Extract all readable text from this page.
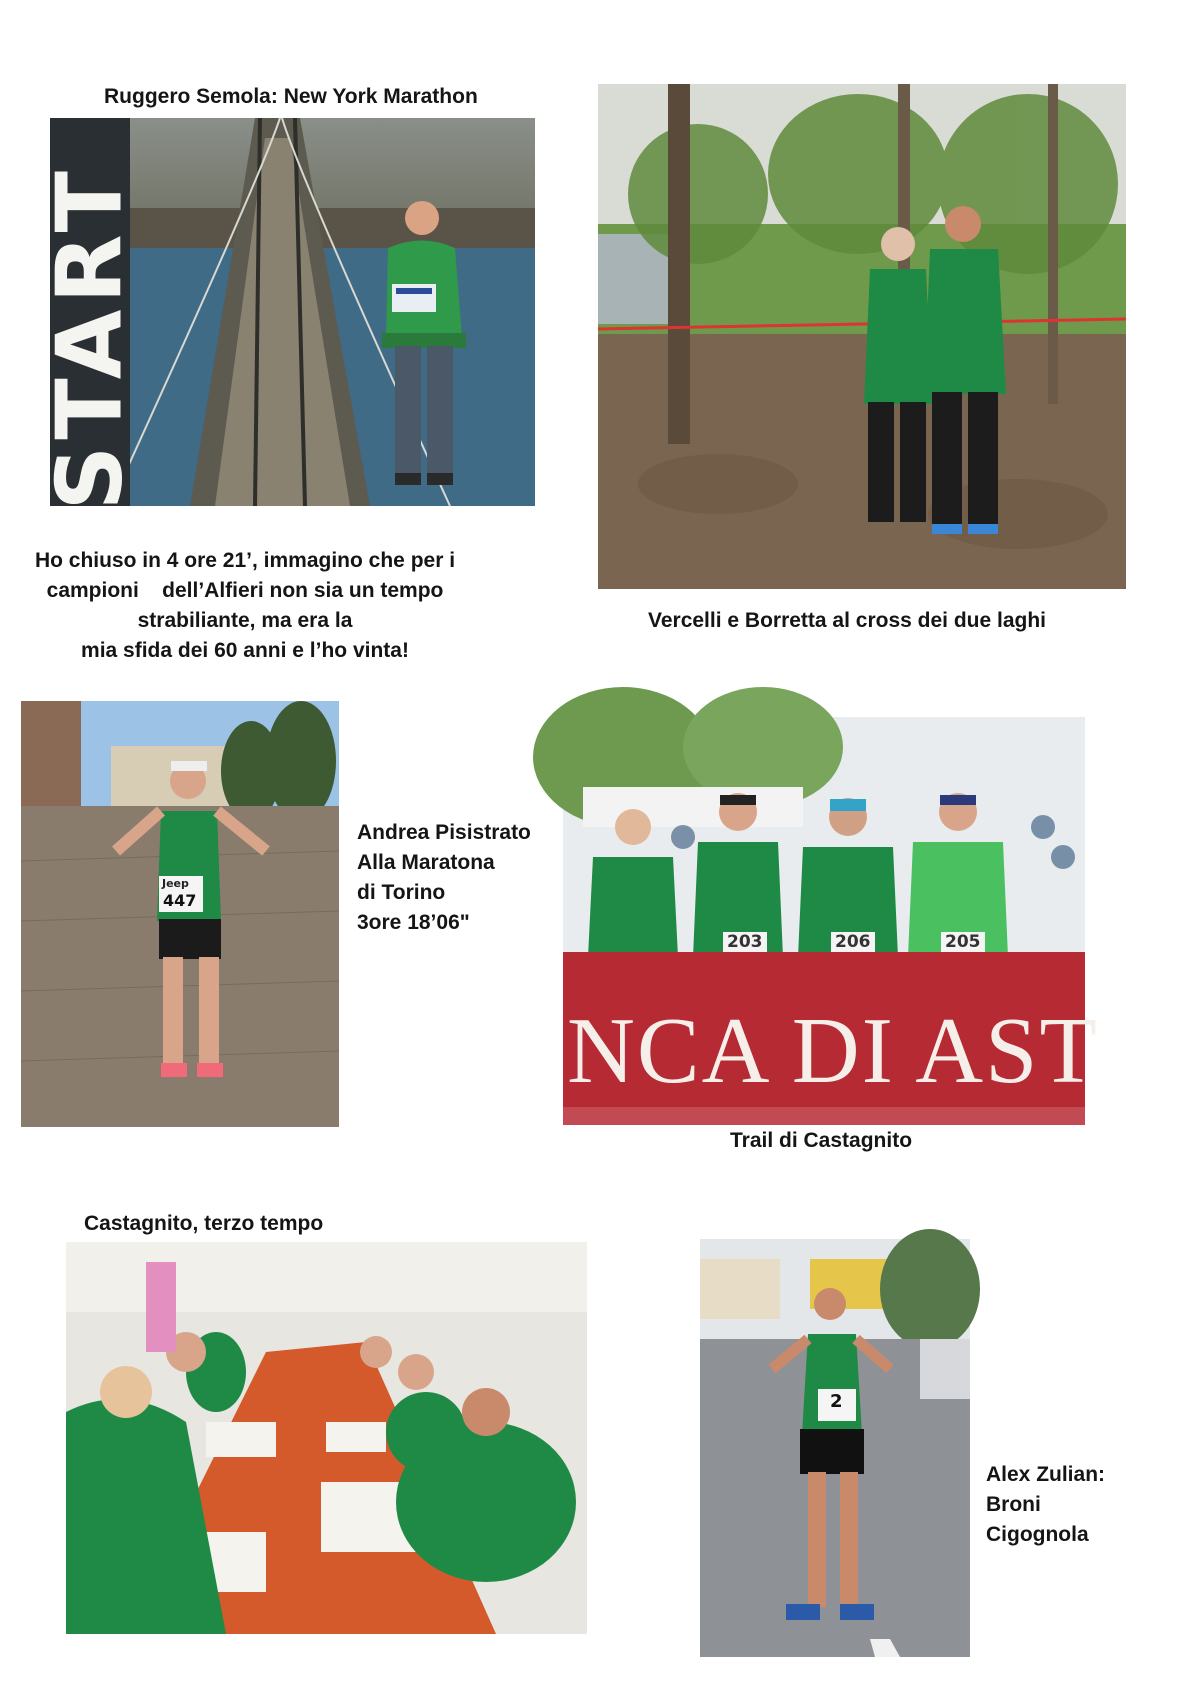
Ruggero Semola: New York Marathon
START
Ho chiuso in 4 ore 21’, immagino che per i
campioni    dell’Alfieri non sia un tempo
strabiliante, ma era la
mia sfida dei 60 anni e l’ho vinta!
Vercelli e Borretta al cross dei due laghi
Jeep
447
Andrea Pisistrato
Alla Maratona
di Torino
3ore 18’06"
203	206	205
NCA DI AST
Trail di Castagnito
Castagnito, terzo tempo
2
Alex Zulian:
Broni
Cigognola
